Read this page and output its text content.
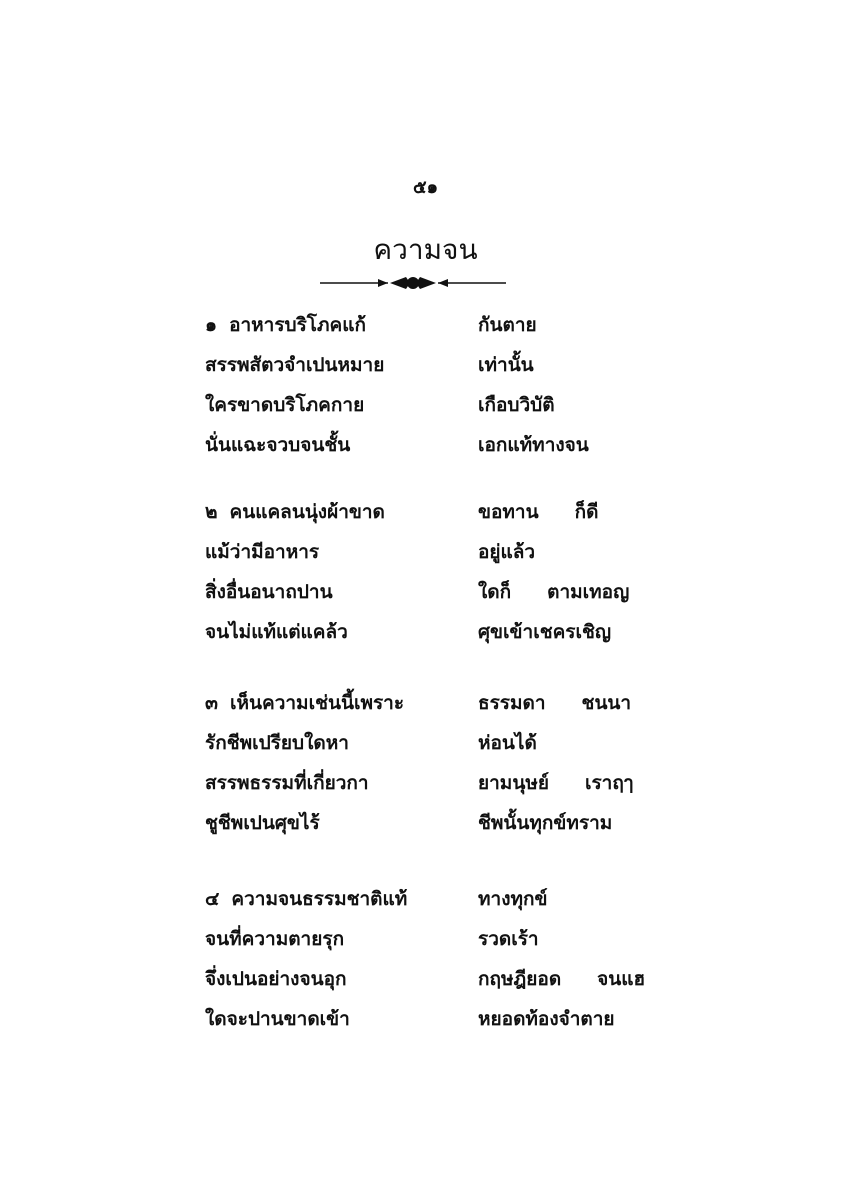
๕๑
ความจน
๑ อาหารบริโภคแก้	กันตาย
สรรพสัตวจำเปนหมาย	เท่านั้น
ใครขาดบริโภคกาย	เกือบวิบัติ
นั่นแฉะจวบจนชั้น	เอกแท้ทางจน
๒ คนแคลนนุ่งผ้าขาด	ขอทาน ก็ดี
แม้ว่ามีอาหาร	อยู่แล้ว
สิ่งอื่นอนาถปาน	ใดก็ ตามเทอญ
จนไม่แท้แต่แคล้ว	ศุขเข้าเชครเชิญ
๓ เห็นความเช่นนี้เพราะ	ธรรมดา ชนนา
รักชีพเปรียบใดหา	ห่อนได้
สรรพธรรมที่เกี่ยวกา	ยามนุษย์ เราฤๅ
ชูชีพเปนศุขไร้	ชีพนั้นทุกข์ทราม
๔ ความจนธรรมชาติแท้	ทางทุกข์
จนที่ความตายรุก	รวดเร้า
จึ่งเปนอย่างจนอุก	กฤษฎียอด จนแฮ
ใดจะปานขาดเข้า	หยอดท้องจำตาย
